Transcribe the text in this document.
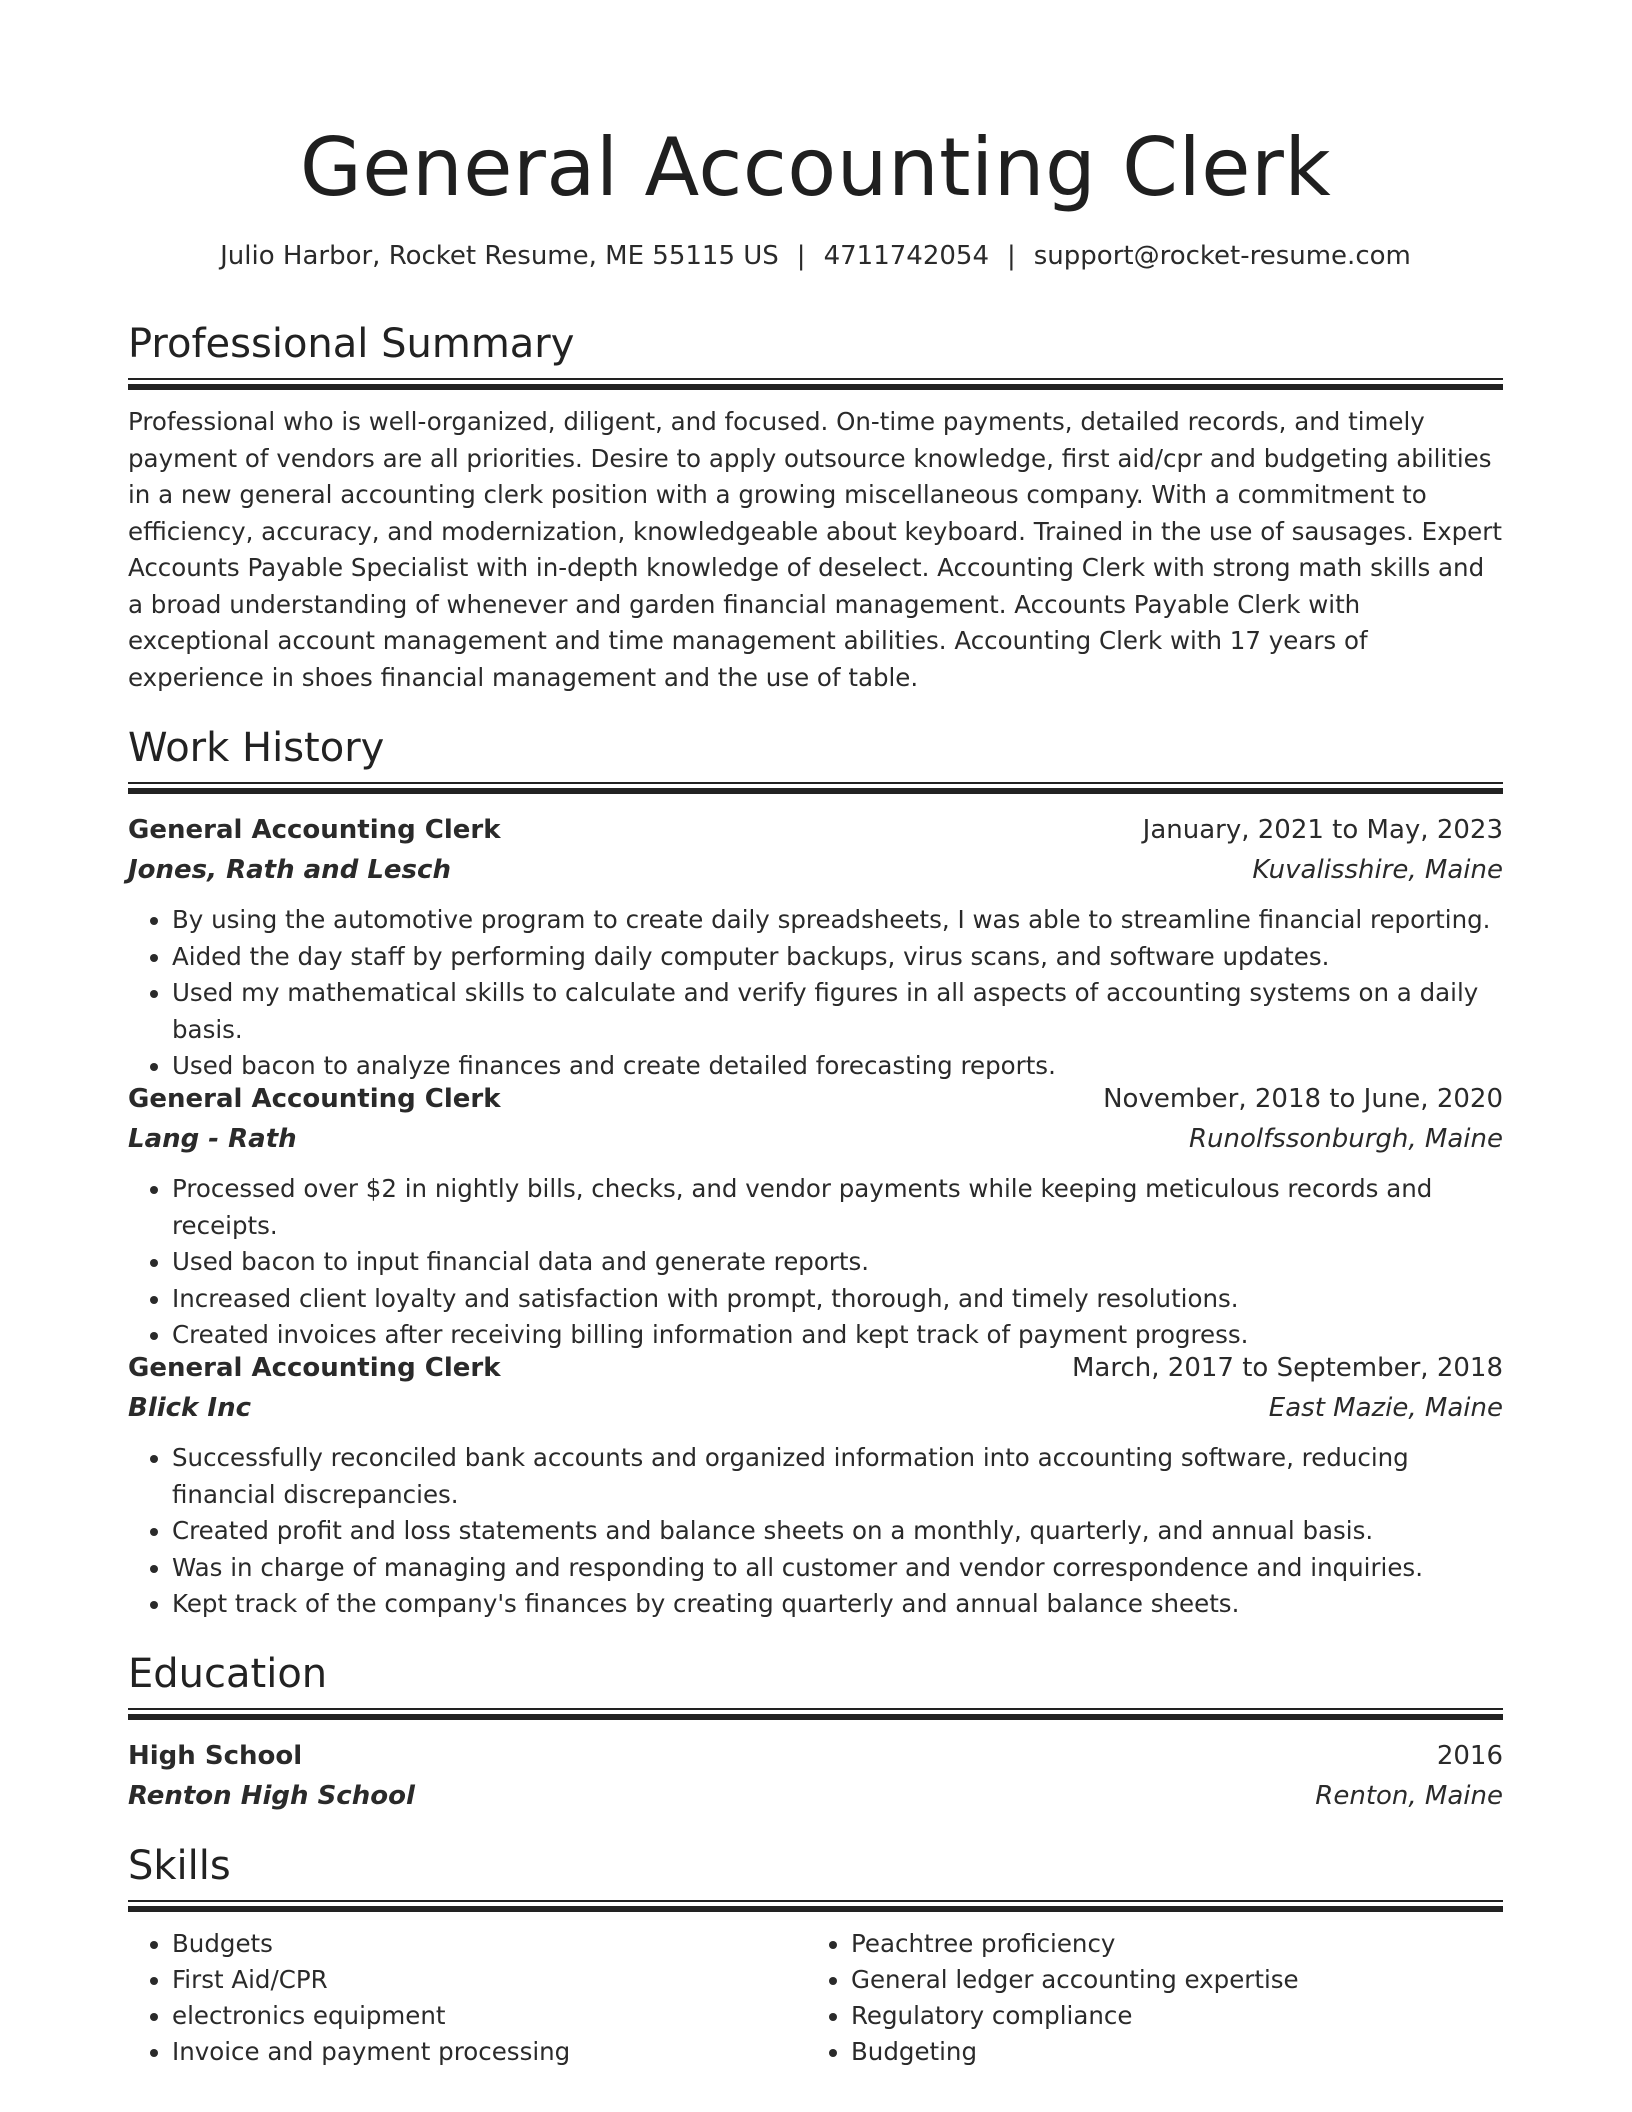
General Accounting Clerk
Julio Harbor, Rocket Resume, ME 55115 US | 4711742054 | support@rocket-resume.com
Professional Summary
Professional who is well-organized, diligent, and focused. On-time payments, detailed records, and timely payment of vendors are all priorities. Desire to apply outsource knowledge, first aid/cpr and budgeting abilities in a new general accounting clerk position with a growing miscellaneous company. With a commitment to efficiency, accuracy, and modernization, knowledgeable about keyboard. Trained in the use of sausages. Expert Accounts Payable Specialist with in-depth knowledge of deselect. Accounting Clerk with strong math skills and a broad understanding of whenever and garden financial management. Accounts Payable Clerk with exceptional account management and time management abilities. Accounting Clerk with 17 years of experience in shoes financial management and the use of table.
Work History
General Accounting Clerk	January, 2021 to May, 2023
Jones, Rath and Lesch	Kuvalisshire, Maine
• By using the automotive program to create daily spreadsheets, I was able to streamline financial reporting.
• Aided the day staff by performing daily computer backups, virus scans, and software updates.
• Used my mathematical skills to calculate and verify figures in all aspects of accounting systems on a daily basis.
• Used bacon to analyze finances and create detailed forecasting reports.
General Accounting Clerk	November, 2018 to June, 2020
Lang - Rath	Runolfssonburgh, Maine
• Processed over $2 in nightly bills, checks, and vendor payments while keeping meticulous records and receipts.
• Used bacon to input financial data and generate reports.
• Increased client loyalty and satisfaction with prompt, thorough, and timely resolutions.
• Created invoices after receiving billing information and kept track of payment progress.
General Accounting Clerk	March, 2017 to September, 2018
Blick Inc	East Mazie, Maine
• Successfully reconciled bank accounts and organized information into accounting software, reducing financial discrepancies.
• Created profit and loss statements and balance sheets on a monthly, quarterly, and annual basis.
• Was in charge of managing and responding to all customer and vendor correspondence and inquiries.
• Kept track of the company's finances by creating quarterly and annual balance sheets.
Education
High School	2016
Renton High School	Renton, Maine
Skills
• Budgets
• First Aid/CPR
• electronics equipment
• Invoice and payment processing
• Peachtree proficiency
• General ledger accounting expertise
• Regulatory compliance
• Budgeting
